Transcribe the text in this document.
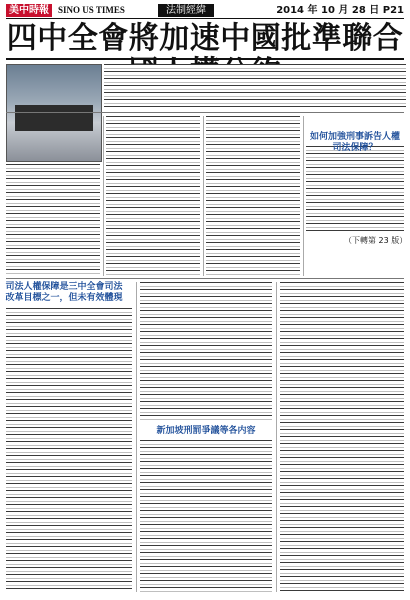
美中時報	SINO US TIMES	法制經緯	2014 年 10 月 28 日 P21
四中全會將加速中國批準聯合
如何加強刑事訴告人權司法保障？
（下轉第 23 版）
司法人權保障是三中全會司法改革目標之一，但未有效體現
新加坡刑罰爭議等各内容
